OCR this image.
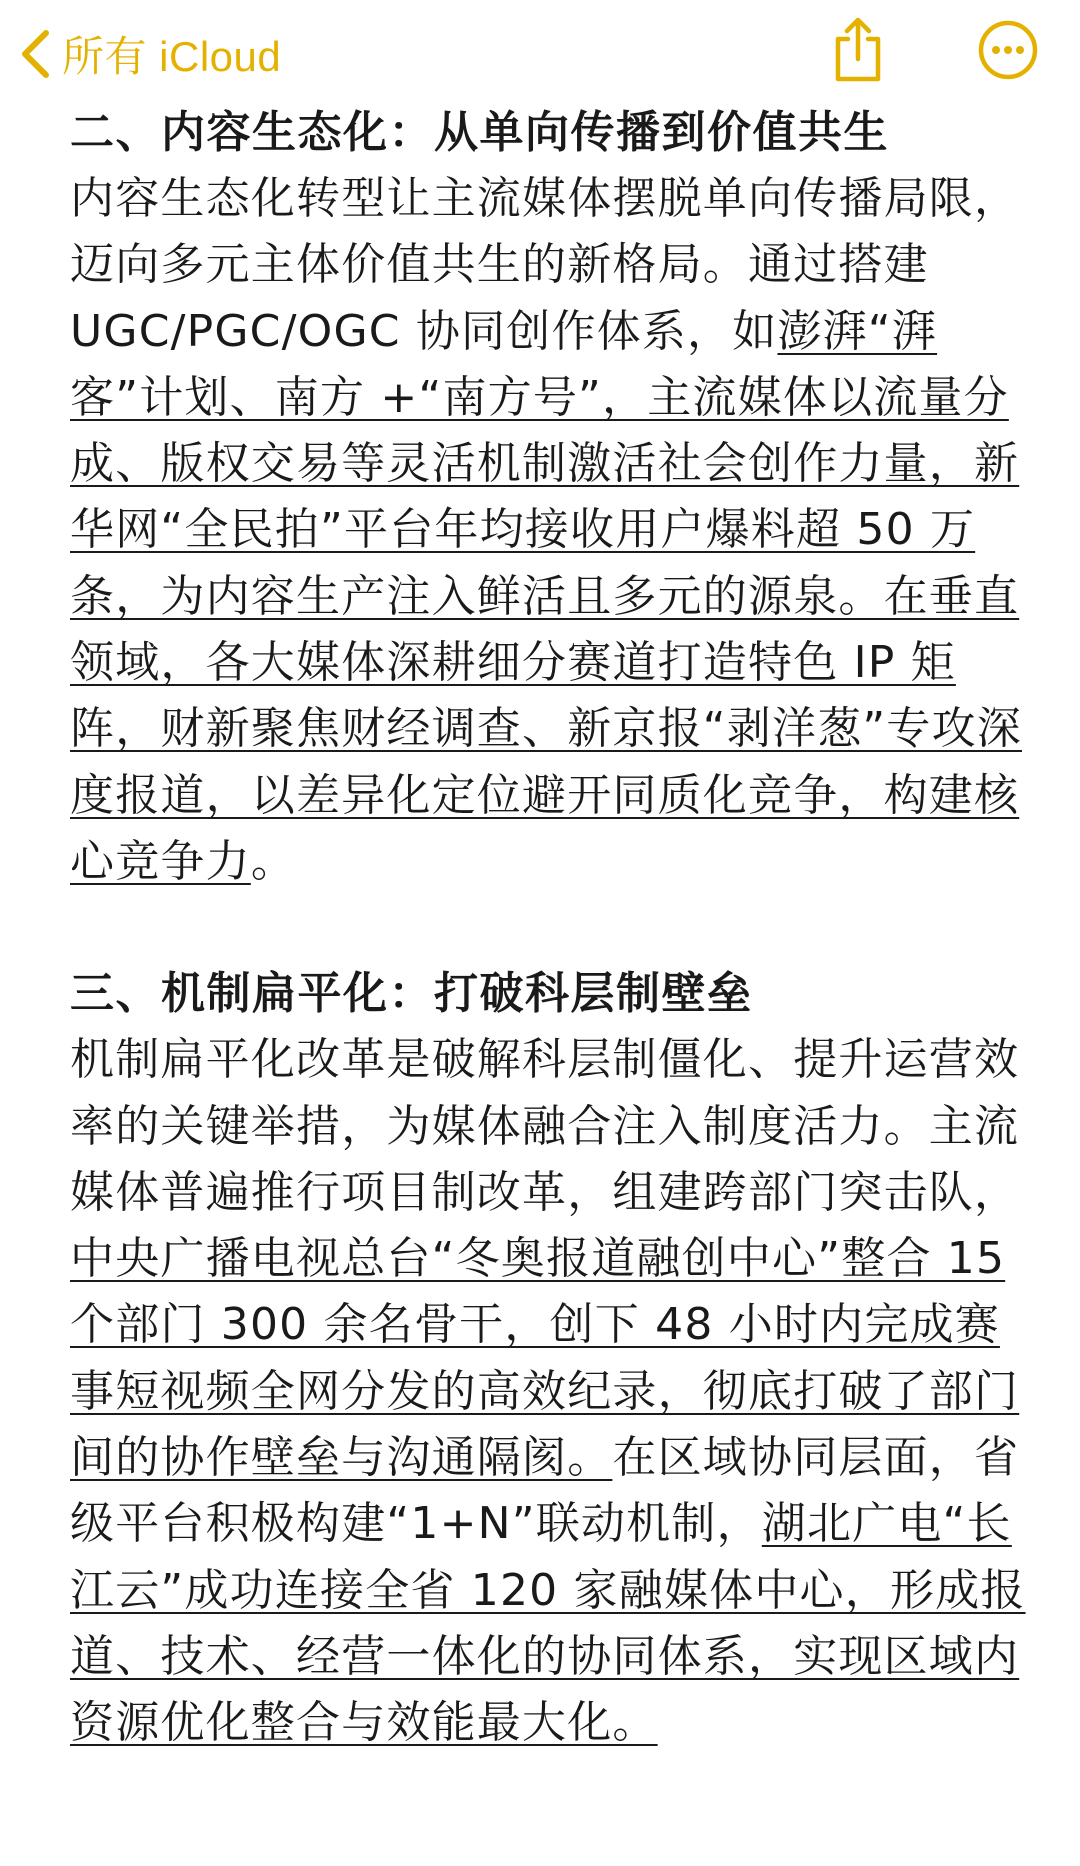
所有 iCloud
二、内容生态化：从单向传播到价值共生

内容生态化转型让主流媒体摆脱单向传播局限，迈向多元主体价值共生的新格局。通过搭建 UGC/PGC/OGC 协同创作体系，如澎湃“湃客”计划、南方 +“南方号”，主流媒体以流量分成、版权交易等灵活机制激活社会创作力量，新华网“全民拍”平台年均接收用户爆料超 50 万条，为内容生产注入鲜活且多元的源泉。在垂直领域，各大媒体深耕细分赛道打造特色 IP 矩阵，财新聚焦财经调查、新京报“剥洋葱”专攻深度报道，以差异化定位避开同质化竞争，构建核心竞争力。

三、机制扁平化：打破科层制壁垒

机制扁平化改革是破解科层制僵化、提升运营效率的关键举措，为媒体融合注入制度活力。主流媒体普遍推行项目制改革，组建跨部门突击队，中央广播电视总台“冬奥报道融创中心”整合 15 个部门 300 余名骨干，创下 48 小时内完成赛事短视频全网分发的高效纪录，彻底打破了部门间的协作壁垒与沟通隔阂。在区域协同层面，省级平台积极构建“1+N”联动机制，湖北广电“长江云”成功连接全省 120 家融媒体中心，形成报道、技术、经营一体化的协同体系，实现区域内资源优化整合与效能最大化。
